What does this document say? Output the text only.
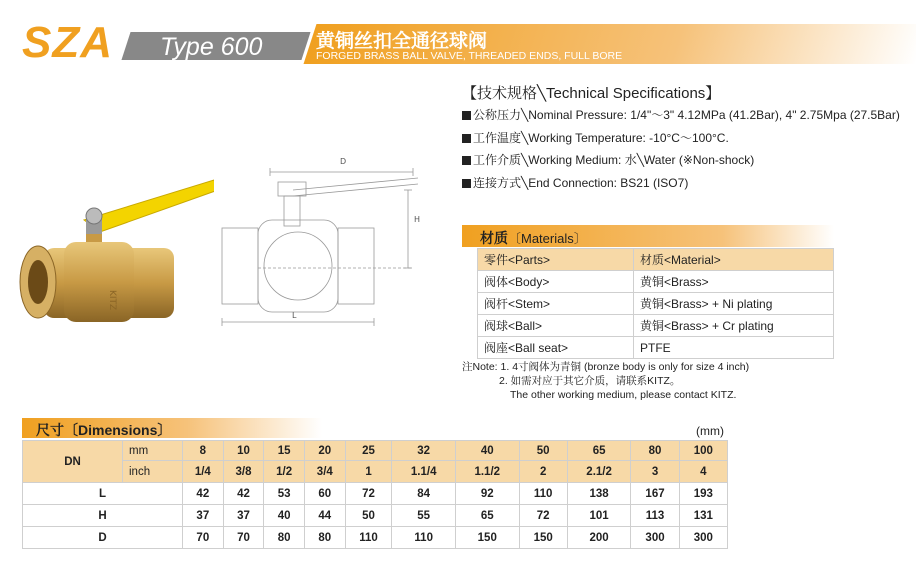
SZA Type 600	黄铜丝扣全通径球阀
FORGED BRASS BALL VALVE, THREADED ENDS, FULL BORE
KITZ
D
H
L
【技术规格╲Technical Specifications】
公称压力╲Nominal Pressure: 1/4"～3" 4.12MPa (41.2Bar), 4" 2.75Mpa (27.5Bar)
工作温度╲Working Temperature: -10°C～100°C.
工作介质╲Working Medium: 水╲Water (※Non-shock)
连接方式╲End Connection: BS21 (ISO7)
材质〔Materials〕
零件<Parts>	材质<Material>
阀体<Body>	黄铜<Brass>
阀杆<Stem>	黄铜<Brass> + Ni plating
阀球<Ball>	黄铜<Brass> + Cr plating
阀座<Ball seat>	PTFE
注Note: 1. 4寸阀体为青铜 (bronze body is only for size 4 inch)
2. 如需对应于其它介质，请联系KITZ。
The other working medium, please contact KITZ.
尺寸〔Dimensions〕	(mm)
DN	mm	8	10	15	20	25	32	40	50	65	80	100
	inch	1/4	3/8	1/2	3/4	1	1.1/4	1.1/2	2	2.1/2	3	4
L		42	42	53	60	72	84	92	110	138	167	193
H		37	37	40	44	50	55	65	72	101	113	131
D		70	70	80	80	110	110	150	150	200	300	300
